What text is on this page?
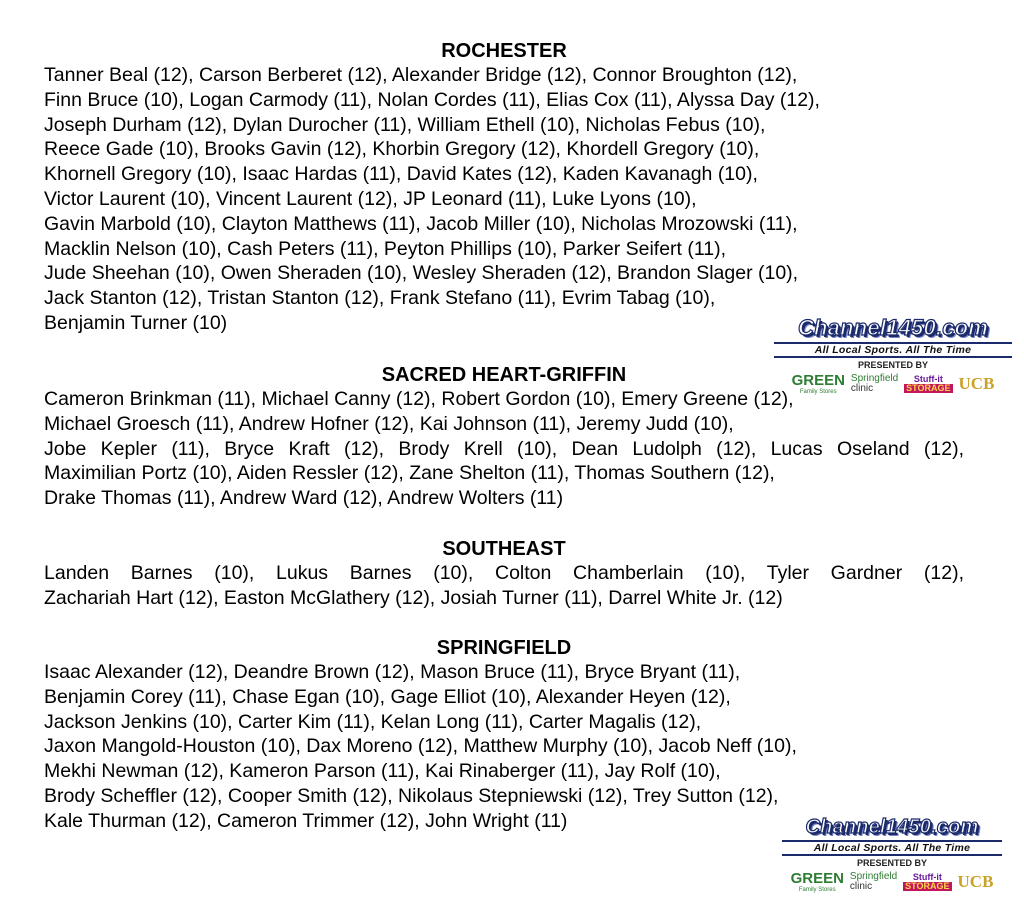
ROCHESTER

Tanner Beal (12), Carson Berberet (12), Alexander Bridge (12), Connor Broughton (12),

Finn Bruce (10), Logan Carmody (11), Nolan Cordes (11), Elias Cox (11), Alyssa Day (12),

Joseph Durham (12), Dylan Durocher (11), William Ethell (10), Nicholas Febus (10),

Reece Gade (10), Brooks Gavin (12), Khorbin Gregory (12), Khordell Gregory (10),

Khornell Gregory (10), Isaac Hardas (11), David Kates (12), Kaden Kavanagh (10),

Victor Laurent (10), Vincent Laurent (12), JP Leonard (11), Luke Lyons (10),

Gavin Marbold (10), Clayton Matthews (11), Jacob Miller (10), Nicholas Mrozowski (11),

Macklin Nelson (10), Cash Peters (11), Peyton Phillips (10), Parker Seifert (11),

Jude Sheehan (10), Owen Sheraden (10), Wesley Sheraden (12), Brandon Slager (10),

Jack Stanton (12), Tristan Stanton (12), Frank Stefano (11), Evrim Tabag (10),

Benjamin Turner (10)

SACRED HEART-GRIFFIN

Cameron Brinkman (11), Michael Canny (12), Robert Gordon (10), Emery Greene (12),

Michael Groesch (11), Andrew Hofner (12), Kai Johnson (11), Jeremy Judd (10),

Jobe Kepler (11), Bryce Kraft (12), Brody Krell (10), Dean Ludolph (12), Lucas Oseland (12),

Maximilian Portz (10), Aiden Ressler (12), Zane Shelton (11), Thomas Southern (12),

Drake Thomas (11), Andrew Ward (12), Andrew Wolters (11)

SOUTHEAST

Landen Barnes (10), Lukus Barnes (10), Colton Chamberlain (10), Tyler Gardner (12),

Zachariah Hart (12), Easton McGlathery (12), Josiah Turner (11), Darrel White Jr. (12)

SPRINGFIELD

Isaac Alexander (12), Deandre Brown (12), Mason Bruce (11), Bryce Bryant (11),

Benjamin Corey (11), Chase Egan (10), Gage Elliot (10), Alexander Heyen (12),

Jackson Jenkins (10), Carter Kim (11), Kelan Long (11), Carter Magalis (12),

Jaxon Mangold-Houston (10), Dax Moreno (12), Matthew Murphy (10), Jacob Neff (10),

Mekhi Newman (12), Kameron Parson (11), Kai Rinaberger (11), Jay Rolf (10),

Brody Scheffler (12), Cooper Smith (12), Nikolaus Stepniewski (12), Trey Sutton (12),

Kale Thurman (12), Cameron Trimmer (12), John Wright (11)

Channel1450.com
All Local Sports. All The Time
PRESENTED BY
GREEN
Family Stores
Springfield
clinic
Stuff-it
STORAGE UCB
Channel1450.com
All Local Sports. All The Time
PRESENTED BY
GREEN
Family Stores
Springfield
clinic
Stuff-it
STORAGE UCB
